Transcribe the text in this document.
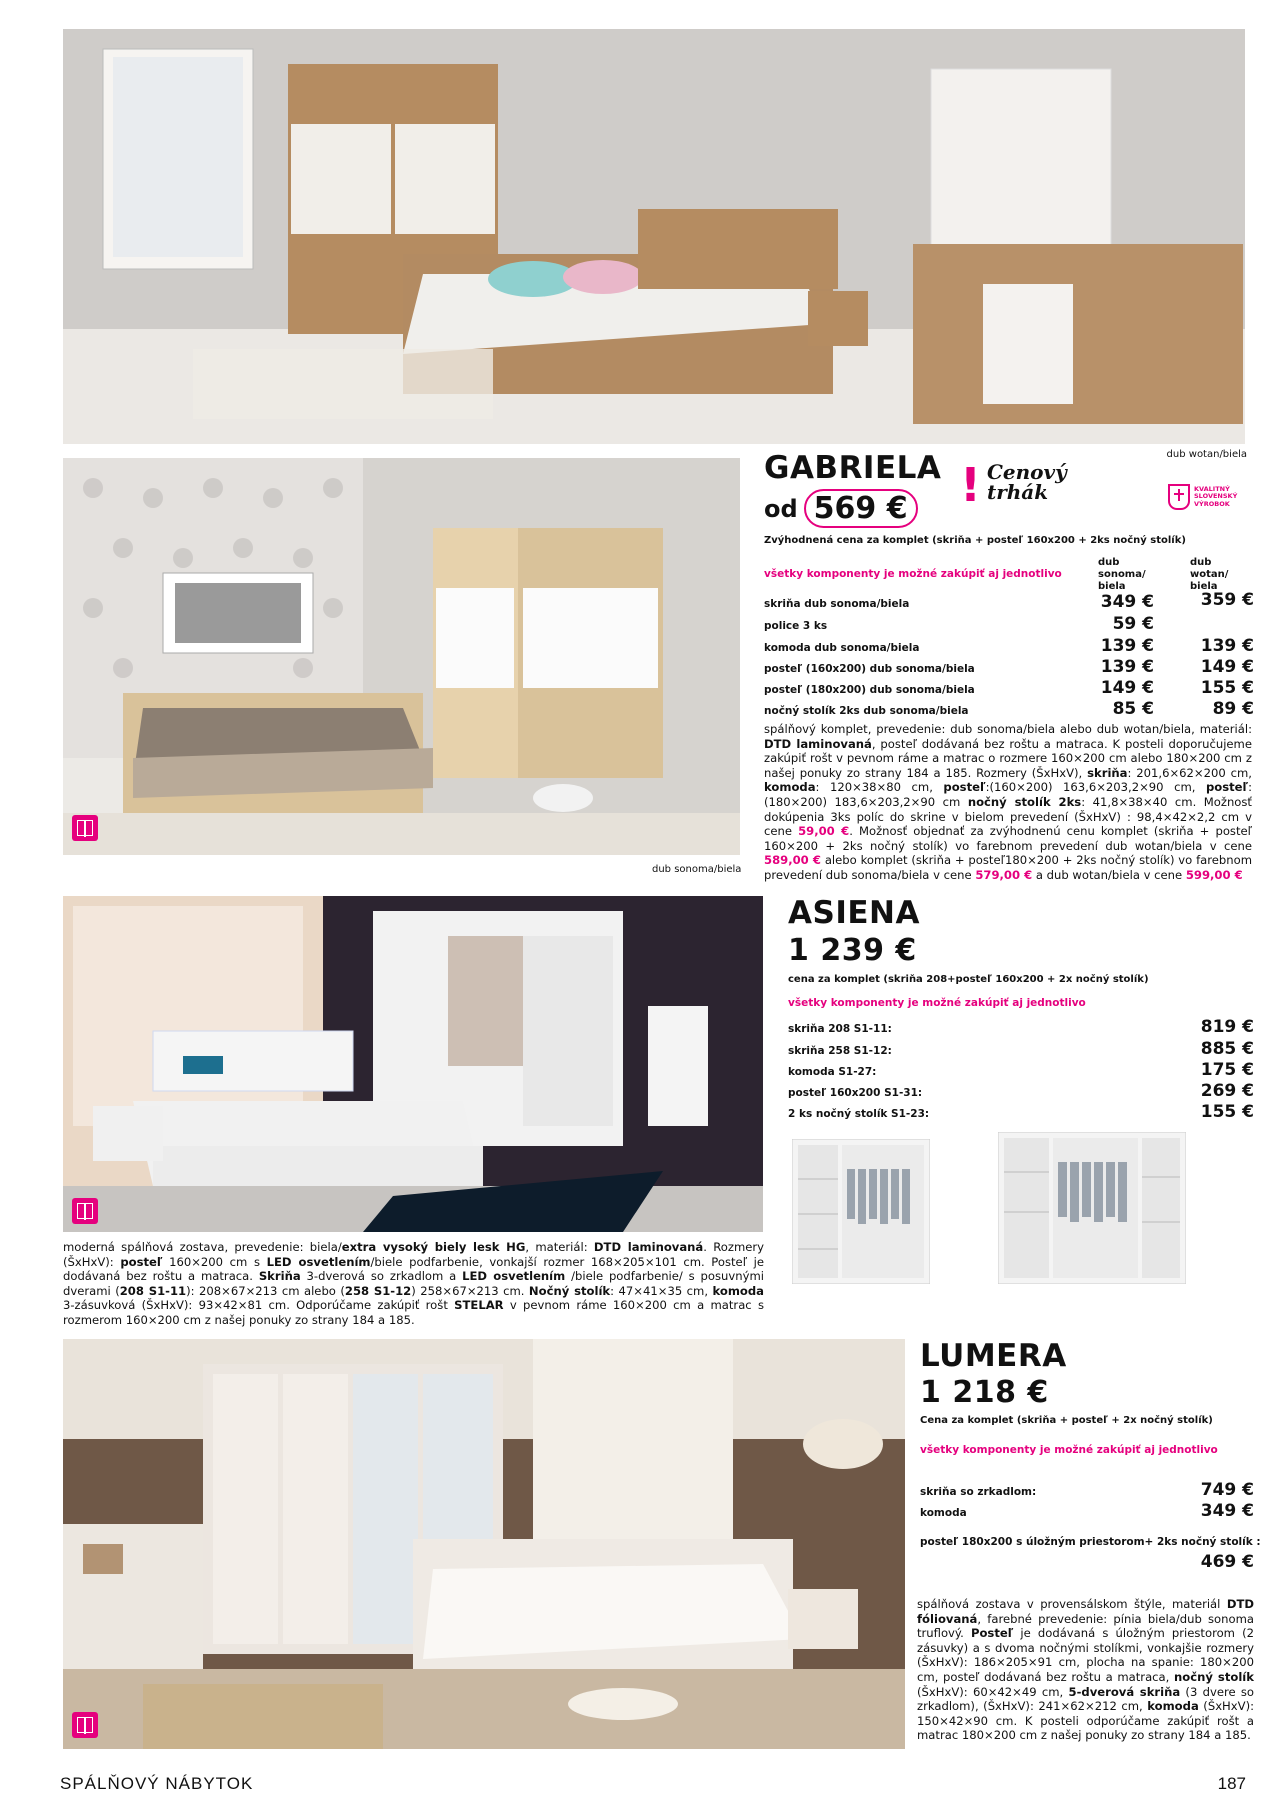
dub wotan/biela
dub sonoma/biela
GABRIELA
od 569 € ! Cenový
trhák	KVALITNÝ
SLOVENSKÝ
VÝROBOK
Zvýhodnená cena za komplet (skriňa + posteľ 160x200 + 2ks nočný stolík)
všetky komponenty je možné zakúpiť aj jednotlivo
dub sonoma/ biela
dub wotan/ biela
skriňa dub sonoma/biela	349 €	359 €
police 3 ks	59 €
komoda dub sonoma/biela	139 €	139 €
posteľ (160x200) dub sonoma/biela	139 €	149 €
posteľ (180x200) dub sonoma/biela	149 €	155 €
nočný stolík 2ks dub sonoma/biela	85 €	89 €
spálňový komplet, prevedenie: dub sonoma/biela alebo dub wotan/biela, materiál: DTD laminovaná, posteľ dodávaná bez roštu a matraca. K posteli doporučujeme zakúpiť rošt v pevnom ráme a matrac o rozmere 160×200 cm alebo 180×200 cm z našej ponuky zo strany 184 a 185. Rozmery (ŠxHxV), skriňa: 201,6×62×200 cm, komoda: 120×38×80 cm, posteľ:(160×200) 163,6×203,2×90 cm, posteľ: (180×200) 183,6×203,2×90 cm nočný stolík 2ks: 41,8×38×40 cm. Možnosť dokúpenia 3ks políc do skrine v bielom prevedení (ŠxHxV) : 98,4×42×2,2 cm v cene 59,00 €. Možnosť objednať za zvýhodnenú cenu komplet (skriňa + posteľ 160×200 + 2ks nočný stolík) vo farebnom prevedení dub wotan/biela v cene 589,00 € alebo komplet (skriňa + posteľ180×200 + 2ks nočný stolík) vo farebnom prevedení dub sonoma/biela v cene 579,00 € a dub wotan/biela v cene 599,00 €
ASIENA
1 239 €
cena za komplet (skriňa 208+posteľ 160x200 + 2x nočný stolík)
všetky komponenty je možné zakúpiť aj jednotlivo
skriňa 208 S1-11:	819 €
skriňa 258 S1-12:	885 €
komoda S1-27:	175 €
posteľ 160x200 S1-31:	269 €
2 ks nočný stolík S1-23:	155 €
moderná spálňová zostava, prevedenie: biela/extra vysoký biely lesk HG, materiál: DTD laminovaná. Rozmery (ŠxHxV): posteľ 160×200 cm s LED osvetlením/biele podfarbenie, vonkajší rozmer 168×205×101 cm. Posteľ je dodávaná bez roštu a matraca. Skriňa 3-dverová so zrkadlom a LED osvetlením /biele podfarbenie/ s posuvnými dverami (208 S1-11): 208×67×213 cm alebo (258 S1-12) 258×67×213 cm. Nočný stolík: 47×41×35 cm, komoda 3-zásuvková (ŠxHxV): 93×42×81 cm. Odporúčame zakúpiť rošt STELAR v pevnom ráme 160×200 cm a matrac s rozmerom 160×200 cm z našej ponuky zo strany 184 a 185.
LUMERA
1 218 €
Cena za komplet (skriňa + posteľ + 2x nočný stolík)
všetky komponenty je možné zakúpiť aj jednotlivo
skriňa so zrkadlom:	749 €
komoda	349 €
posteľ 180x200 s úložným priestorom+ 2ks nočný stolík :
469 €
spálňová zostava v provensálskom štýle, materiál DTD fóliovaná, farebné prevedenie: pínia biela/dub sonoma truflový. Posteľ je dodávaná s úložným priestorom (2 zásuvky) a s dvoma nočnými stolíkmi, vonkajšie rozmery (ŠxHxV): 186×205×91 cm, plocha na spanie: 180×200 cm, posteľ dodávaná bez roštu a matraca, nočný stolík (ŠxHxV): 60×42×49 cm, 5-dverová skriňa (3 dvere so zrkadlom), (ŠxHxV): 241×62×212 cm, komoda (ŠxHxV): 150×42×90 cm. K posteli odporúčame zakúpiť rošt a matrac 180×200 cm z našej ponuky zo strany 184 a 185.
SPÁLŇOVÝ NÁBYTOK	187
